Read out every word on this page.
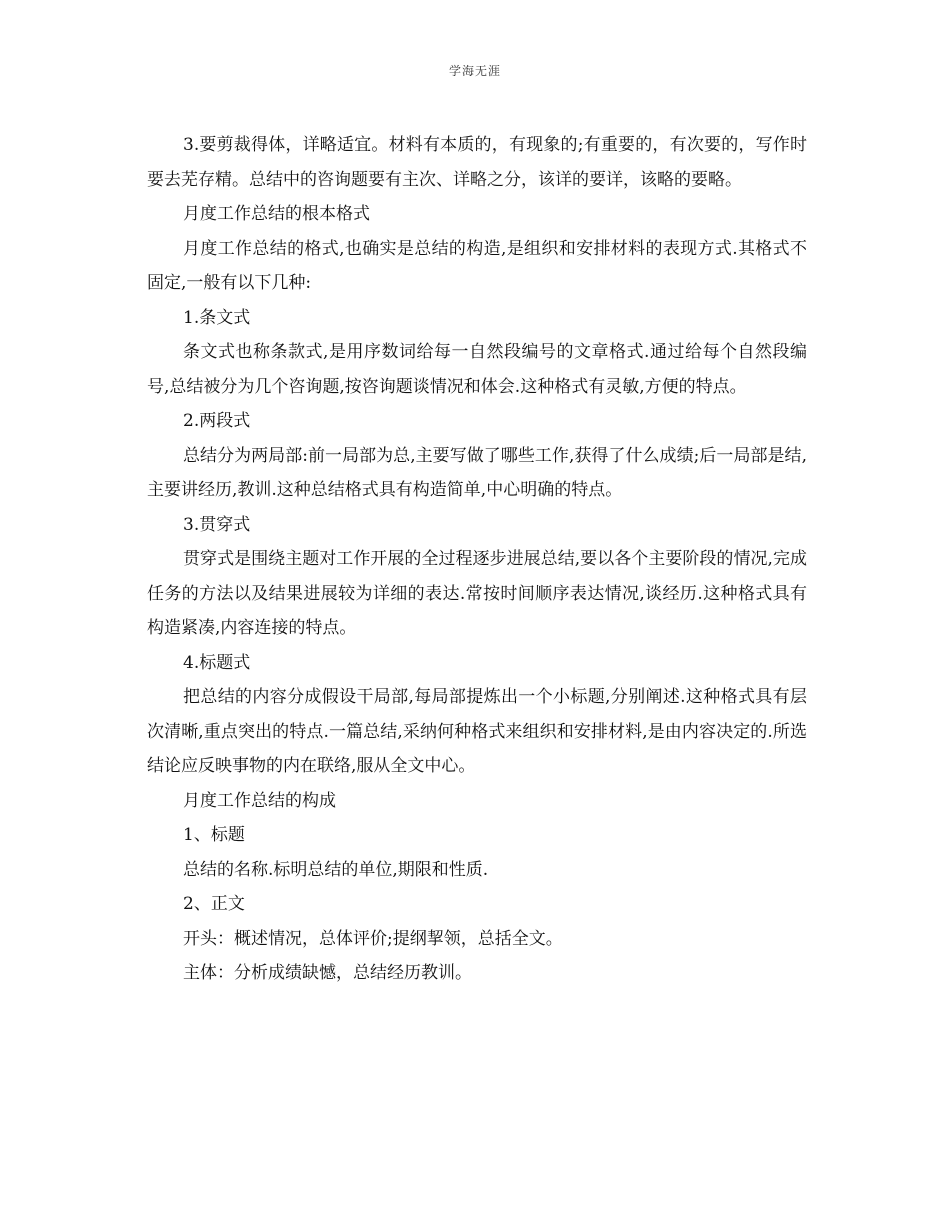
学海无涯

3.要剪裁得体，详略适宜。材料有本质的，有现象的;有重要的，有次要的，写作时要去芜存精。总结中的咨询题要有主次、详略之分，该详的要详，该略的要略。

月度工作总结的根本格式

月度工作总结的格式,也确实是总结的构造,是组织和安排材料的表现方式.其格式不固定,一般有以下几种:

1.条文式

条文式也称条款式,是用序数词给每一自然段编号的文章格式.通过给每个自然段编号,总结被分为几个咨询题,按咨询题谈情况和体会.这种格式有灵敏,方便的特点。

2.两段式

总结分为两局部:前一局部为总,主要写做了哪些工作,获得了什么成绩;后一局部是结,主要讲经历,教训.这种总结格式具有构造简单,中心明确的特点。

3.贯穿式

贯穿式是围绕主题对工作开展的全过程逐步进展总结,要以各个主要阶段的情况,完成任务的方法以及结果进展较为详细的表达.常按时间顺序表达情况,谈经历.这种格式具有构造紧凑,内容连接的特点。

4.标题式

把总结的内容分成假设干局部,每局部提炼出一个小标题,分别阐述.这种格式具有层次清晰,重点突出的特点.一篇总结,采纳何种格式来组织和安排材料,是由内容决定的.所选结论应反映事物的内在联络,服从全文中心。

月度工作总结的构成

1、标题

总结的名称.标明总结的单位,期限和性质.

2、正文

开头：概述情况，总体评价;提纲挈领，总括全文。

主体：分析成绩缺憾，总结经历教训。
